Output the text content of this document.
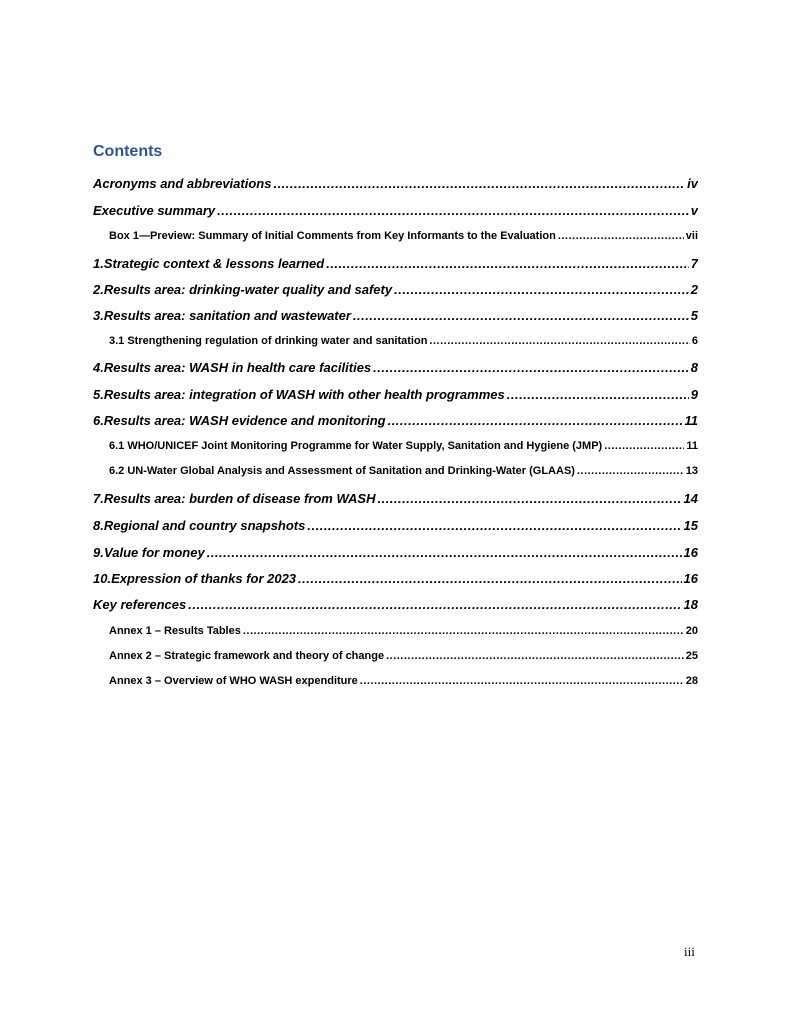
Contents
Acronyms and abbreviations .....	iv
Executive summary .....	v
Box 1—Preview: Summary of Initial Comments from Key Informants to the Evaluation .....	vii
1. Strategic context & lessons learned .....	7
2. Results area: drinking-water quality and safety .....	2
3. Results area: sanitation and wastewater .....	5
3.1 Strengthening regulation of drinking water and sanitation .....	6
4. Results area: WASH in health care facilities .....	8
5. Results area: integration of WASH with other health programmes .....	9
6. Results area: WASH evidence and monitoring .....	11
6.1 WHO/UNICEF Joint Monitoring Programme for Water Supply, Sanitation and Hygiene (JMP) .....	11
6.2 UN-Water Global Analysis and Assessment of Sanitation and Drinking-Water (GLAAS) .....	13
7. Results area: burden of disease from WASH .....	14
8. Regional and country snapshots .....	15
9. Value for money .....	16
10. Expression of thanks for 2023 .....	16
Key references .....	18
Annex 1 – Results Tables .....	20
Annex 2 – Strategic framework and theory of change .....	25
Annex 3 – Overview of WHO WASH expenditure .....	28
iii
